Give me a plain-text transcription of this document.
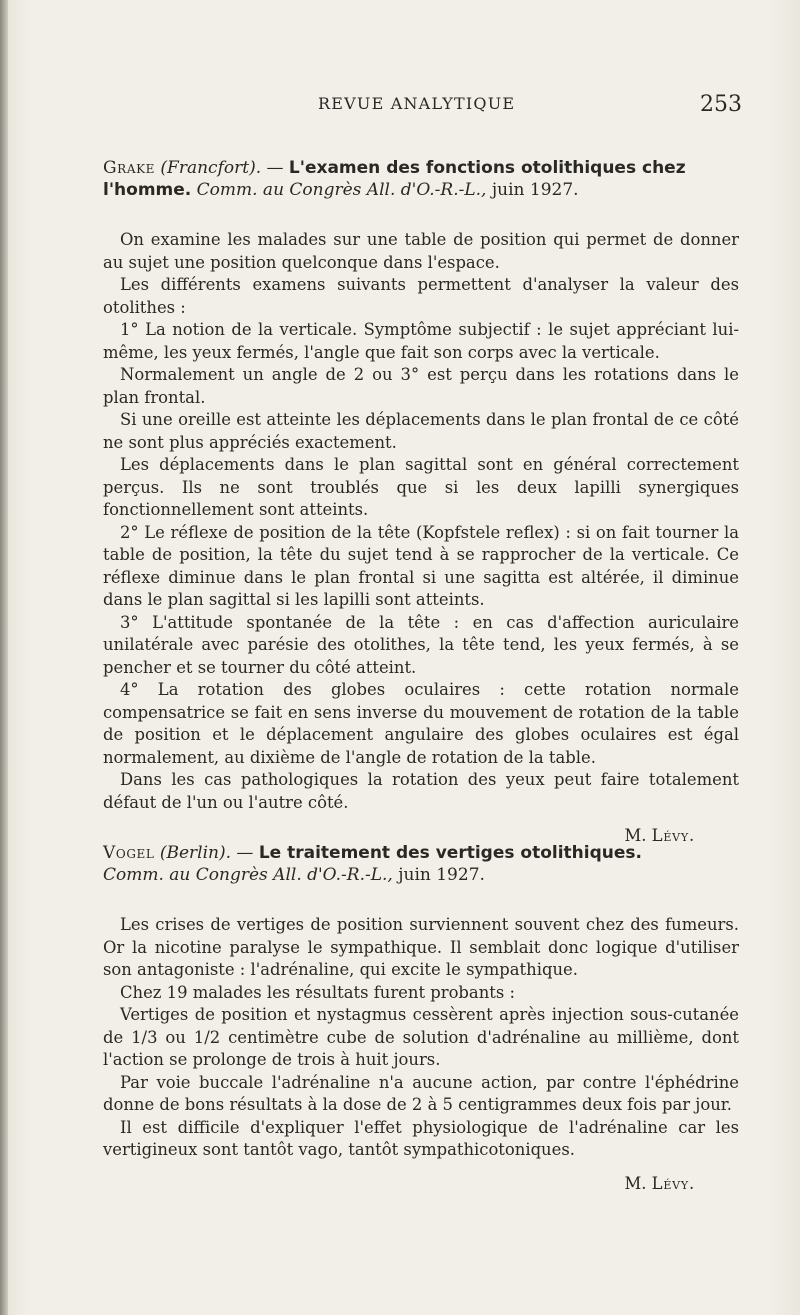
REVUE ANALYTIQUE	253

Grake (Francfort). — L'examen des fonctions otolithiques chez l'homme. Comm. au Congrès All. d'O.-R.-L., juin 1927.

On examine les malades sur une table de position qui permet de donner au sujet une position quelconque dans l'espace.

Les différents examens suivants permettent d'analyser la valeur des otolithes :

1° La notion de la verticale. Symptôme subjectif : le sujet appréciant lui-même, les yeux fermés, l'angle que fait son corps avec la verticale.

Normalement un angle de 2 ou 3° est perçu dans les rotations dans le plan frontal.

Si une oreille est atteinte les déplacements dans le plan frontal de ce côté ne sont plus appréciés exactement.

Les déplacements dans le plan sagittal sont en général correctement perçus. Ils ne sont troublés que si les deux lapilli synergiques fonctionnellement sont atteints.

2° Le réflexe de position de la tête (Kopfstele reflex) : si on fait tourner la table de position, la tête du sujet tend à se rapprocher de la verticale. Ce réflexe diminue dans le plan frontal si une sagitta est altérée, il diminue dans le plan sagittal si les lapilli sont atteints.

3° L'attitude spontanée de la tête : en cas d'affection auriculaire unilatérale avec parésie des otolithes, la tête tend, les yeux fermés, à se pencher et se tourner du côté atteint.

4° La rotation des globes oculaires : cette rotation normale compensatrice se fait en sens inverse du mouvement de rotation de la table de position et le déplacement angulaire des globes oculaires est égal normalement, au dixième de l'angle de rotation de la table.

Dans les cas pathologiques la rotation des yeux peut faire totalement défaut de l'un ou l'autre côté.

M. Lévy.

Vogel (Berlin). — Le traitement des vertiges otolithiques.
Comm. au Congrès All. d'O.-R.-L., juin 1927.

Les crises de vertiges de position surviennent souvent chez des fumeurs. Or la nicotine paralyse le sympathique. Il semblait donc logique d'utiliser son antagoniste : l'adrénaline, qui excite le sympathique.

Chez 19 malades les résultats furent probants :

Vertiges de position et nystagmus cessèrent après injection sous-cutanée de 1/3 ou 1/2 centimètre cube de solution d'adrénaline au millième, dont l'action se prolonge de trois à huit jours.

Par voie buccale l'adrénaline n'a aucune action, par contre l'éphédrine donne de bons résultats à la dose de 2 à 5 centigrammes deux fois par jour.

Il est difficile d'expliquer l'effet physiologique de l'adrénaline car les vertigineux sont tantôt vago, tantôt sympathicotoniques.

M. Lévy.
